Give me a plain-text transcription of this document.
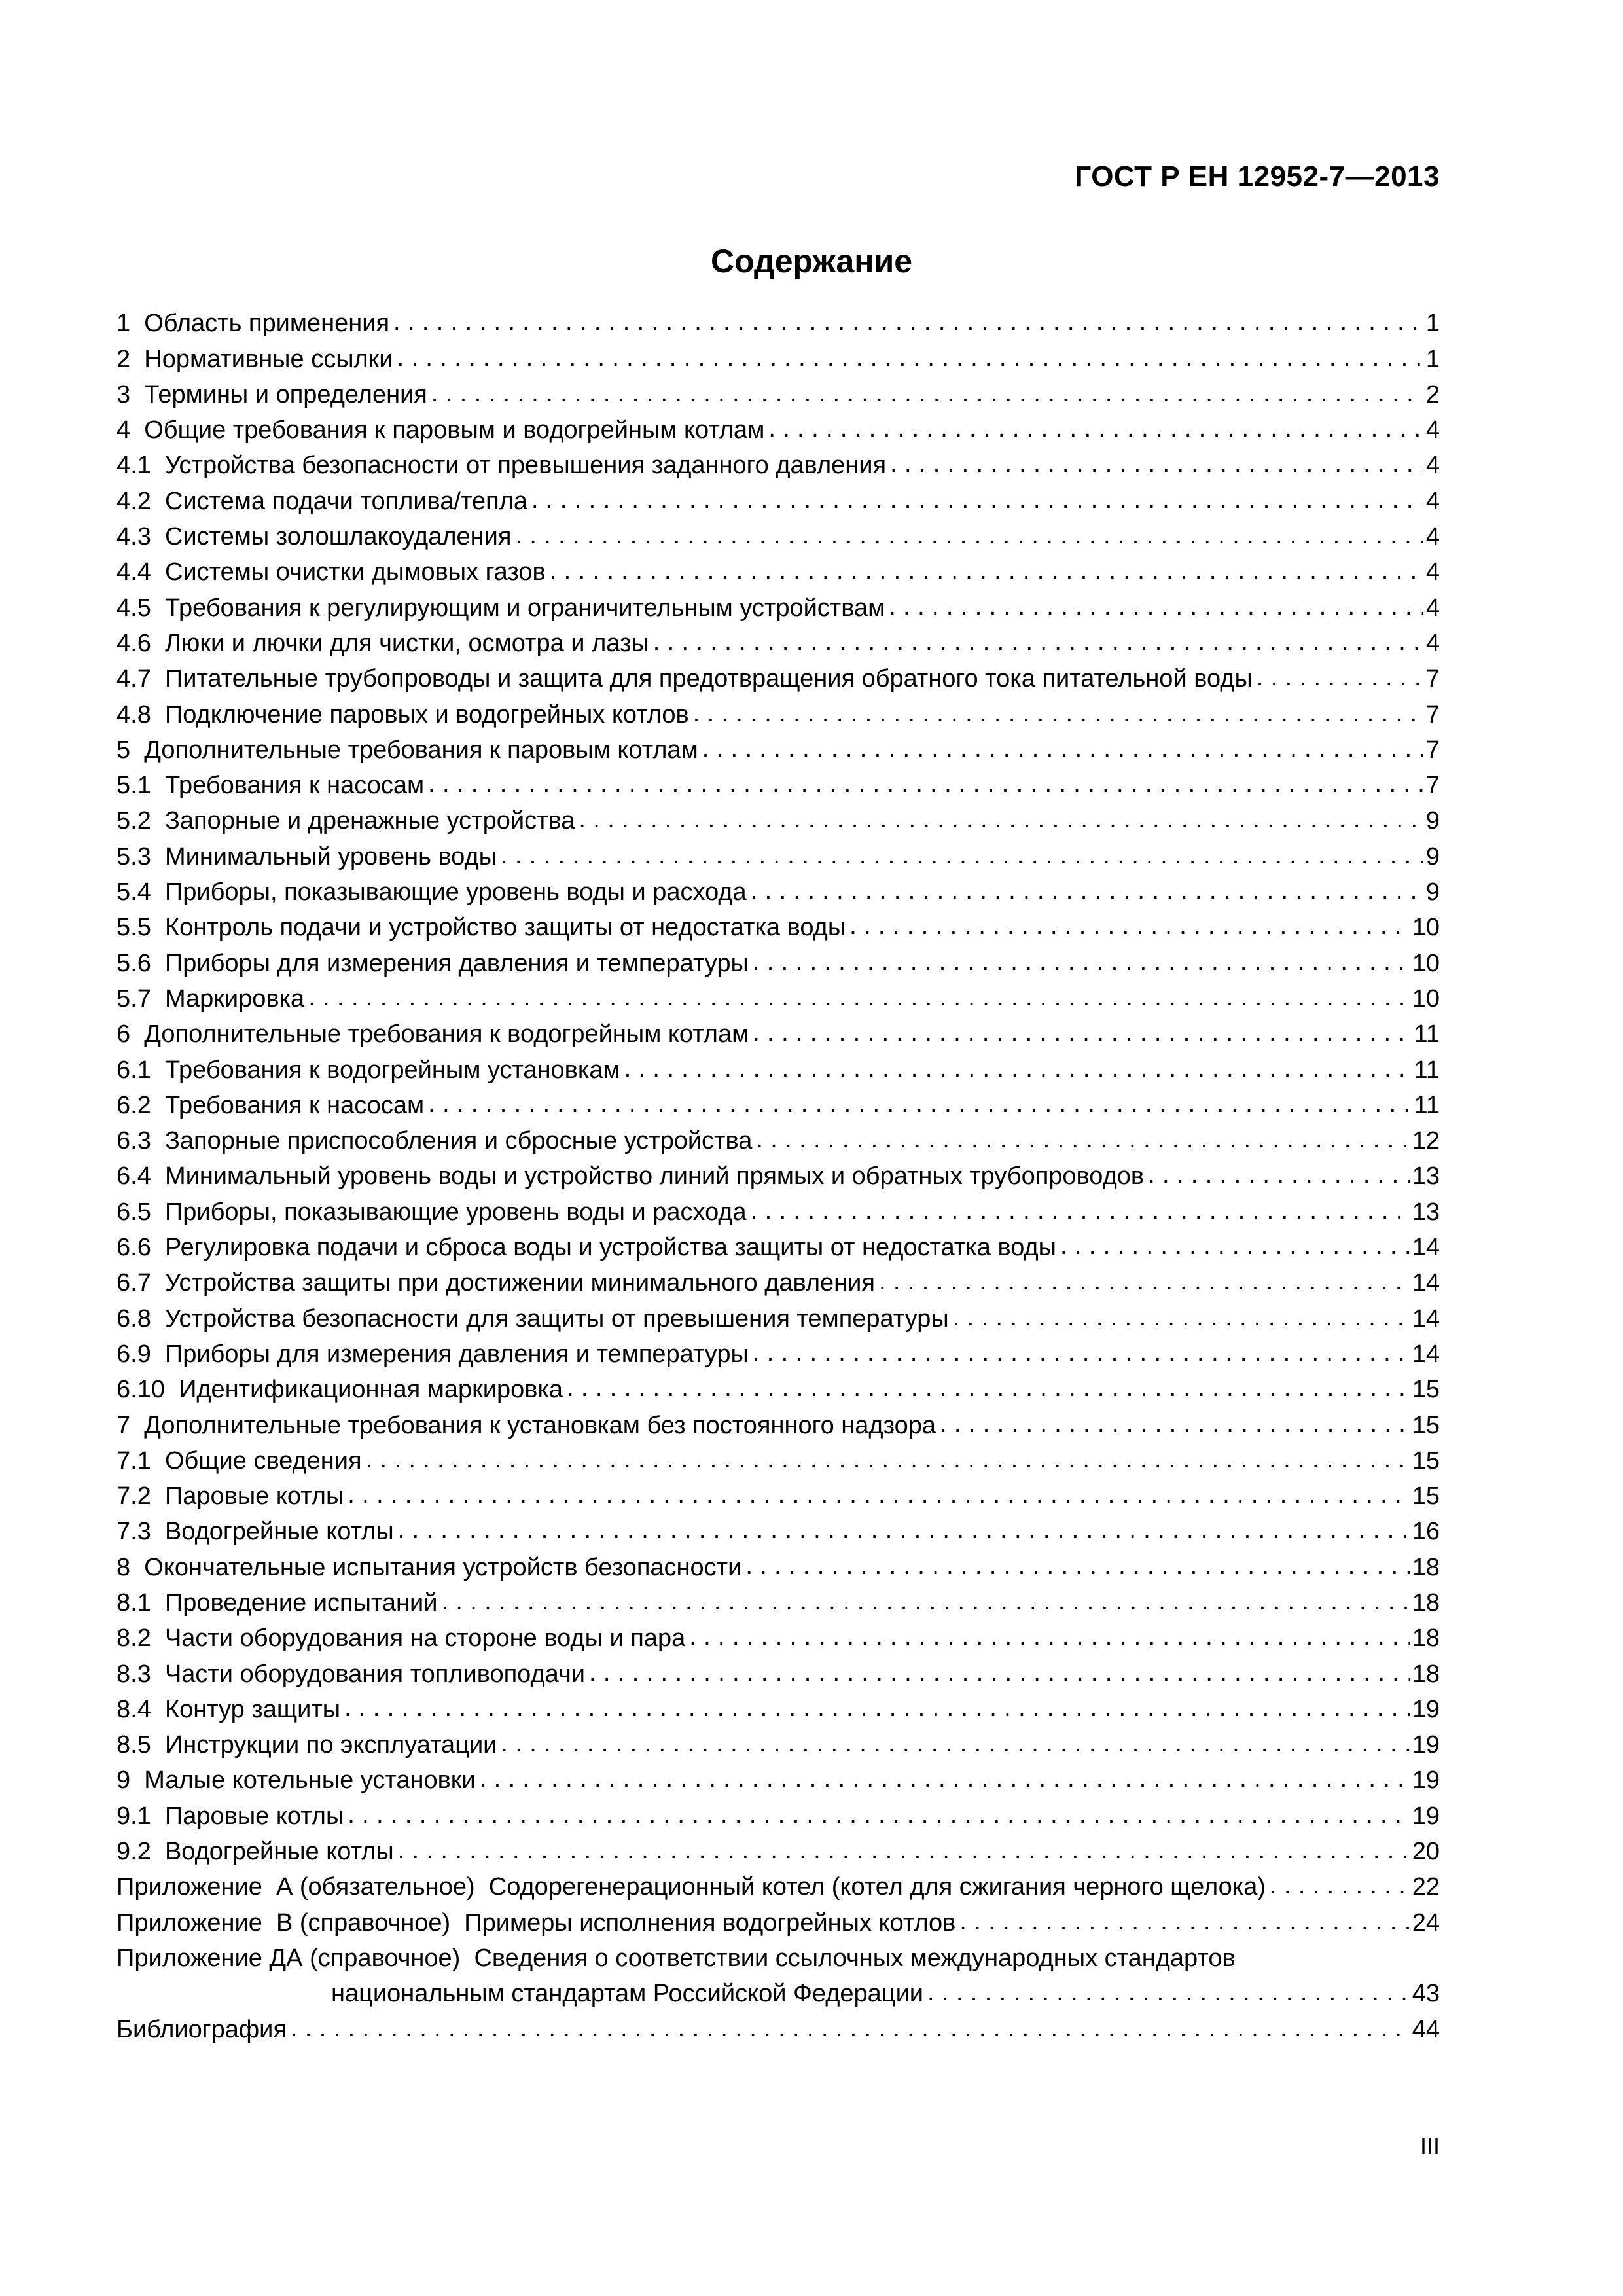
ГОСТ Р ЕН 12952-7—2013
Содержание
1  Область применения . . .	1
2  Нормативные ссылки . . .	1
3  Термины и определения . . .	2
4  Общие требования к паровым и водогрейным котлам . . .	4
4.1  Устройства безопасности от превышения заданного давления . . .	4
4.2  Система подачи топлива/тепла . . .	4
4.3  Системы золошлакоудаления . . .	4
4.4  Системы очистки дымовых газов . . .	4
4.5  Требования к регулирующим и ограничительным устройствам . . .	4
4.6  Люки и лючки для чистки, осмотра и лазы . . .	4
4.7  Питательные трубопроводы и защита для предотвращения обратного тока питательной воды . . .	7
4.8  Подключение паровых и водогрейных котлов . . .	7
5  Дополнительные требования к паровым котлам . . .	7
5.1  Требования к насосам . . .	7
5.2  Запорные и дренажные устройства . . .	9
5.3  Минимальный уровень воды . . .	9
5.4  Приборы, показывающие уровень воды и расхода . . .	9
5.5  Контроль подачи и устройство защиты от недостатка воды . . .	10
5.6  Приборы для измерения давления и температуры . . .	10
5.7  Маркировка . . .	10
6  Дополнительные требования к водогрейным котлам . . .	11
6.1  Требования к водогрейным установкам . . .	11
6.2  Требования к насосам . . .	11
6.3  Запорные приспособления и сбросные устройства . . .	12
6.4  Минимальный уровень воды и устройство линий прямых и обратных трубопроводов . . .	13
6.5  Приборы, показывающие уровень воды и расхода . . .	13
6.6  Регулировка подачи и сброса воды и устройства защиты от недостатка воды . . .	14
6.7  Устройства защиты при достижении минимального давления . . .	14
6.8  Устройства безопасности для защиты от превышения температуры . . .	14
6.9  Приборы для измерения давления и температуры . . .	14
6.10  Идентификационная маркировка . . .	15
7  Дополнительные требования к установкам без постоянного надзора . . .	15
7.1  Общие сведения . . .	15
7.2  Паровые котлы . . .	15
7.3  Водогрейные котлы . . .	16
8  Окончательные испытания устройств безопасности . . .	18
8.1  Проведение испытаний . . .	18
8.2  Части оборудования на стороне воды и пара . . .	18
8.3  Части оборудования топливоподачи . . .	18
8.4  Контур защиты . . .	19
8.5  Инструкции по эксплуатации . . .	19
9  Малые котельные установки . . .	19
9.1  Паровые котлы . . .	19
9.2  Водогрейные котлы . . .	20
Приложение  А (обязательное)  Содорегенерационный котел (котел для сжигания черного щелока) . . .	22
Приложение  В (справочное)  Примеры исполнения водогрейных котлов . . .	24
Приложение ДА (справочное)  Сведения о соответствии ссылочных международных стандартов
национальным стандартам Российской Федерации . . .	43
Библиография . . .	44
III
